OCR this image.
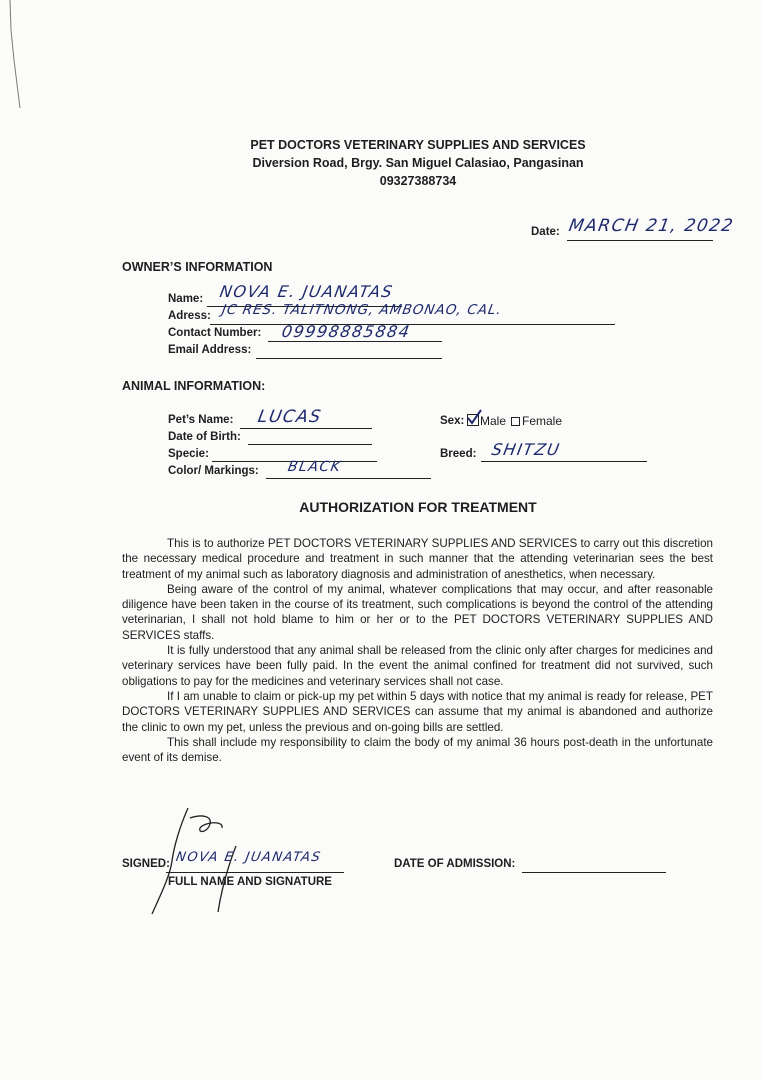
PET DOCTORS VETERINARY SUPPLIES AND SERVICES
Diversion Road, Brgy. San Miguel Calasiao, Pangasinan
09327388734
Date: MARCH 21, 2022
OWNER’S INFORMATION
Name: NOVA E. JUANATAS
Adress: JC RES. TALITNONG, AMBONAO, CAL.
Contact Number: 09998885884
Email Address:
ANIMAL INFORMATION:
Pet’s Name: LUCAS
Date of Birth:
Specie:
Color/ Markings: BLACK
Sex: Male Female
Breed: SHITZU
AUTHORIZATION FOR TREATMENT

This is to authorize PET DOCTORS VETERINARY SUPPLIES AND SERVICES to carry out this discretion the necessary medical procedure and treatment in such manner that the attending veterinarian sees the best treatment of my animal such as laboratory diagnosis and administration of anesthetics, when necessary.

Being aware of the control of my animal, whatever complications that may occur, and after reasonable diligence have been taken in the course of its treatment, such complications is beyond the control of the attending veterinarian, I shall not hold blame to him or her or to the PET DOCTORS VETERINARY SUPPLIES AND SERVICES staffs.

It is fully understood that any animal shall be released from the clinic only after charges for medicines and veterinary services have been fully paid. In the event the animal confined for treatment did not survived, such obligations to pay for the medicines and veterinary services shall not case.

If I am unable to claim or pick-up my pet within 5 days with notice that my animal is ready for release, PET DOCTORS VETERINARY SUPPLIES AND SERVICES can assume that my animal is abandoned and authorize the clinic to own my pet, unless the previous and on-going bills are settled.

This shall include my responsibility to claim the body of my animal 36 hours post-death in the unfortunate event of its demise.

SIGNED: NOVA E. JUANATAS
FULL NAME AND SIGNATURE
DATE OF ADMISSION:
